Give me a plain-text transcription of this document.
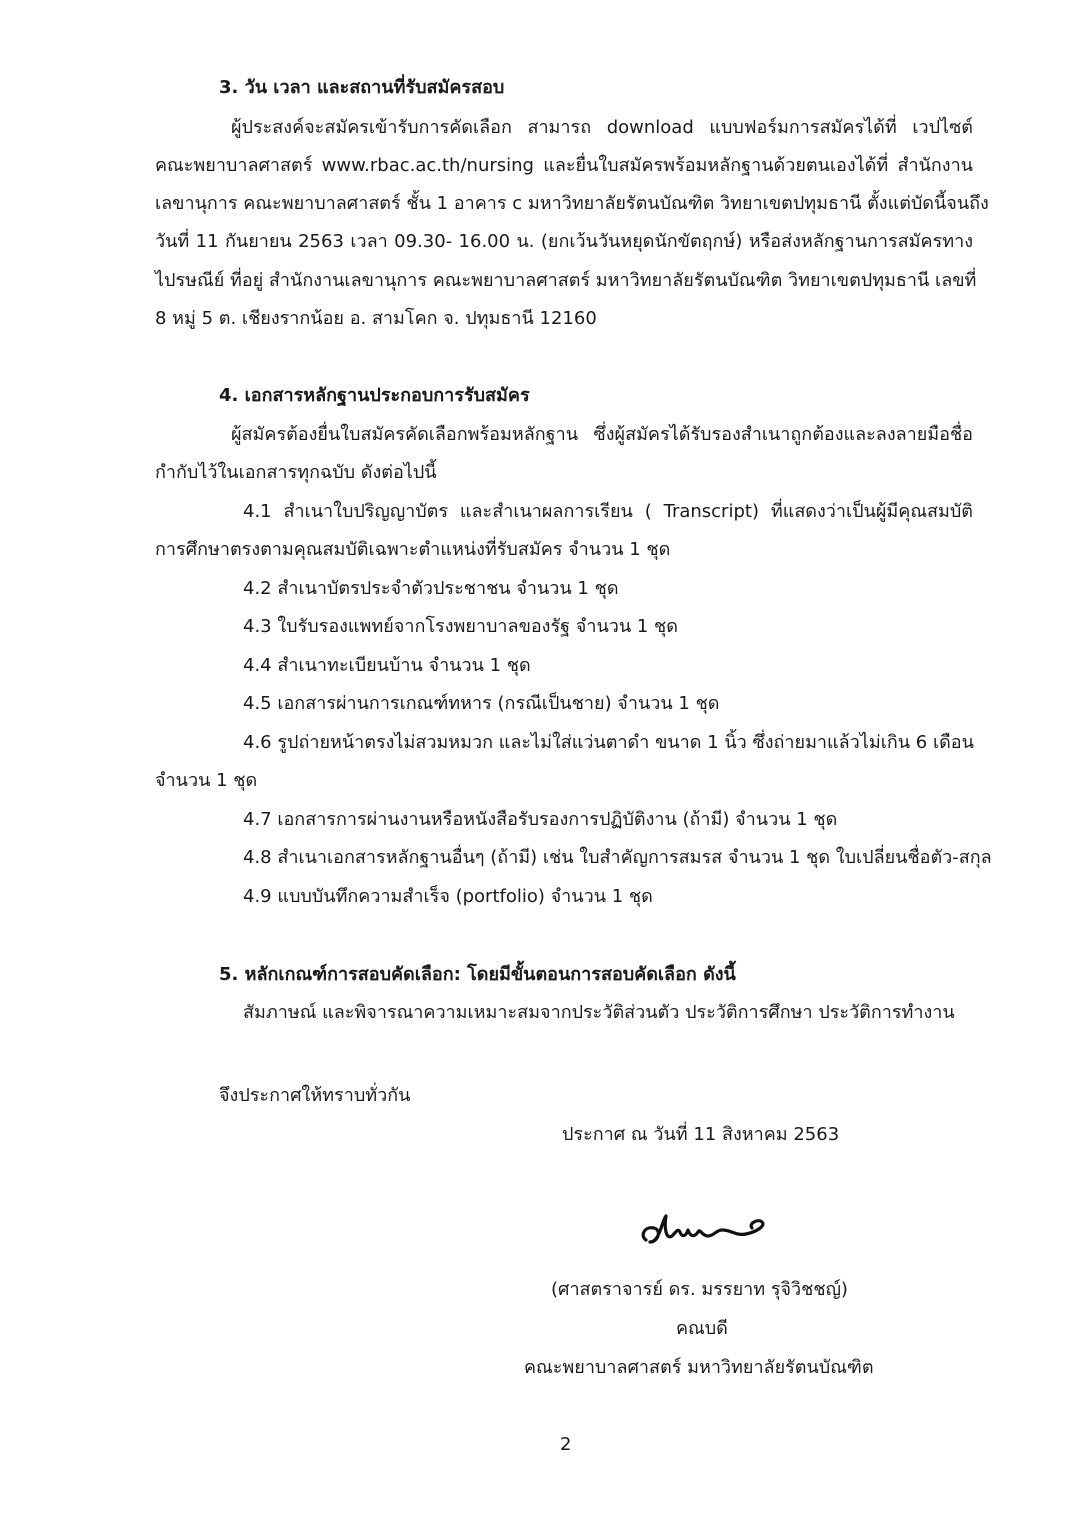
3. วัน เวลา และสถานที่รับสมัครสอบ
ผู้ประสงค์จะสมัครเข้ารับการคัดเลือก สามารถ download แบบฟอร์มการสมัครได้ที่ เวปไซต์
คณะพยาบาลศาสตร์ www.rbac.ac.th/nursing และยื่นใบสมัครพร้อมหลักฐานด้วยตนเองได้ที่ สำนักงาน
เลขานุการ คณะพยาบาลศาสตร์ ชั้น 1 อาคาร c มหาวิทยาลัยรัตนบัณฑิต วิทยาเขตปทุมธานี ตั้งแต่บัดนี้จนถึง
วันที่ 11 กันยายน 2563 เวลา 09.30- 16.00 น. (ยกเว้นวันหยุดนักขัตฤกษ์) หรือส่งหลักฐานการสมัครทาง
ไปรษณีย์ ที่อยู่ สำนักงานเลขานุการ คณะพยาบาลศาสตร์ มหาวิทยาลัยรัตนบัณฑิต วิทยาเขตปทุมธานี เลขที่
8 หมู่ 5 ต. เชียงรากน้อย อ. สามโคก จ. ปทุมธานี 12160
4. เอกสารหลักฐานประกอบการรับสมัคร
ผู้สมัครต้องยื่นใบสมัครคัดเลือกพร้อมหลักฐาน ซึ่งผู้สมัครได้รับรองสำเนาถูกต้องและลงลายมือชื่อ
กำกับไว้ในเอกสารทุกฉบับ ดังต่อไปนี้
4.1 สำเนาใบปริญญาบัตร และสำเนาผลการเรียน ( Transcript) ที่แสดงว่าเป็นผู้มีคุณสมบัติ
การศึกษาตรงตามคุณสมบัติเฉพาะตำแหน่งที่รับสมัคร จำนวน 1 ชุด
4.2 สำเนาบัตรประจำตัวประชาชน จำนวน 1 ชุด
4.3 ใบรับรองแพทย์จากโรงพยาบาลของรัฐ จำนวน 1 ชุด
4.4 สำเนาทะเบียนบ้าน จำนวน 1 ชุด
4.5 เอกสารผ่านการเกณฑ์ทหาร (กรณีเป็นชาย) จำนวน 1 ชุด
4.6 รูปถ่ายหน้าตรงไม่สวมหมวก และไม่ใส่แว่นตาดำ ขนาด 1 นิ้ว ซึ่งถ่ายมาแล้วไม่เกิน 6 เดือน
จำนวน 1 ชุด
4.7 เอกสารการผ่านงานหรือหนังสือรับรองการปฏิบัติงาน (ถ้ามี) จำนวน 1 ชุด
4.8 สำเนาเอกสารหลักฐานอื่นๆ (ถ้ามี) เช่น ใบสำคัญการสมรส จำนวน 1 ชุด ใบเปลี่ยนชื่อตัว-สกุล
4.9 แบบบันทึกความสำเร็จ (portfolio) จำนวน 1 ชุด
5. หลักเกณฑ์การสอบคัดเลือก: โดยมีขั้นตอนการสอบคัดเลือก ดังนี้
สัมภาษณ์ และพิจารณาความเหมาะสมจากประวัติส่วนตัว ประวัติการศึกษา ประวัติการทำงาน
จึงประกาศให้ทราบทั่วกัน
ประกาศ ณ วันที่ 11 สิงหาคม 2563
(ศาสตราจารย์ ดร. มรรยาท รุจิวิชชญ์)
คณบดี
คณะพยาบาลศาสตร์ มหาวิทยาลัยรัตนบัณฑิต
2
